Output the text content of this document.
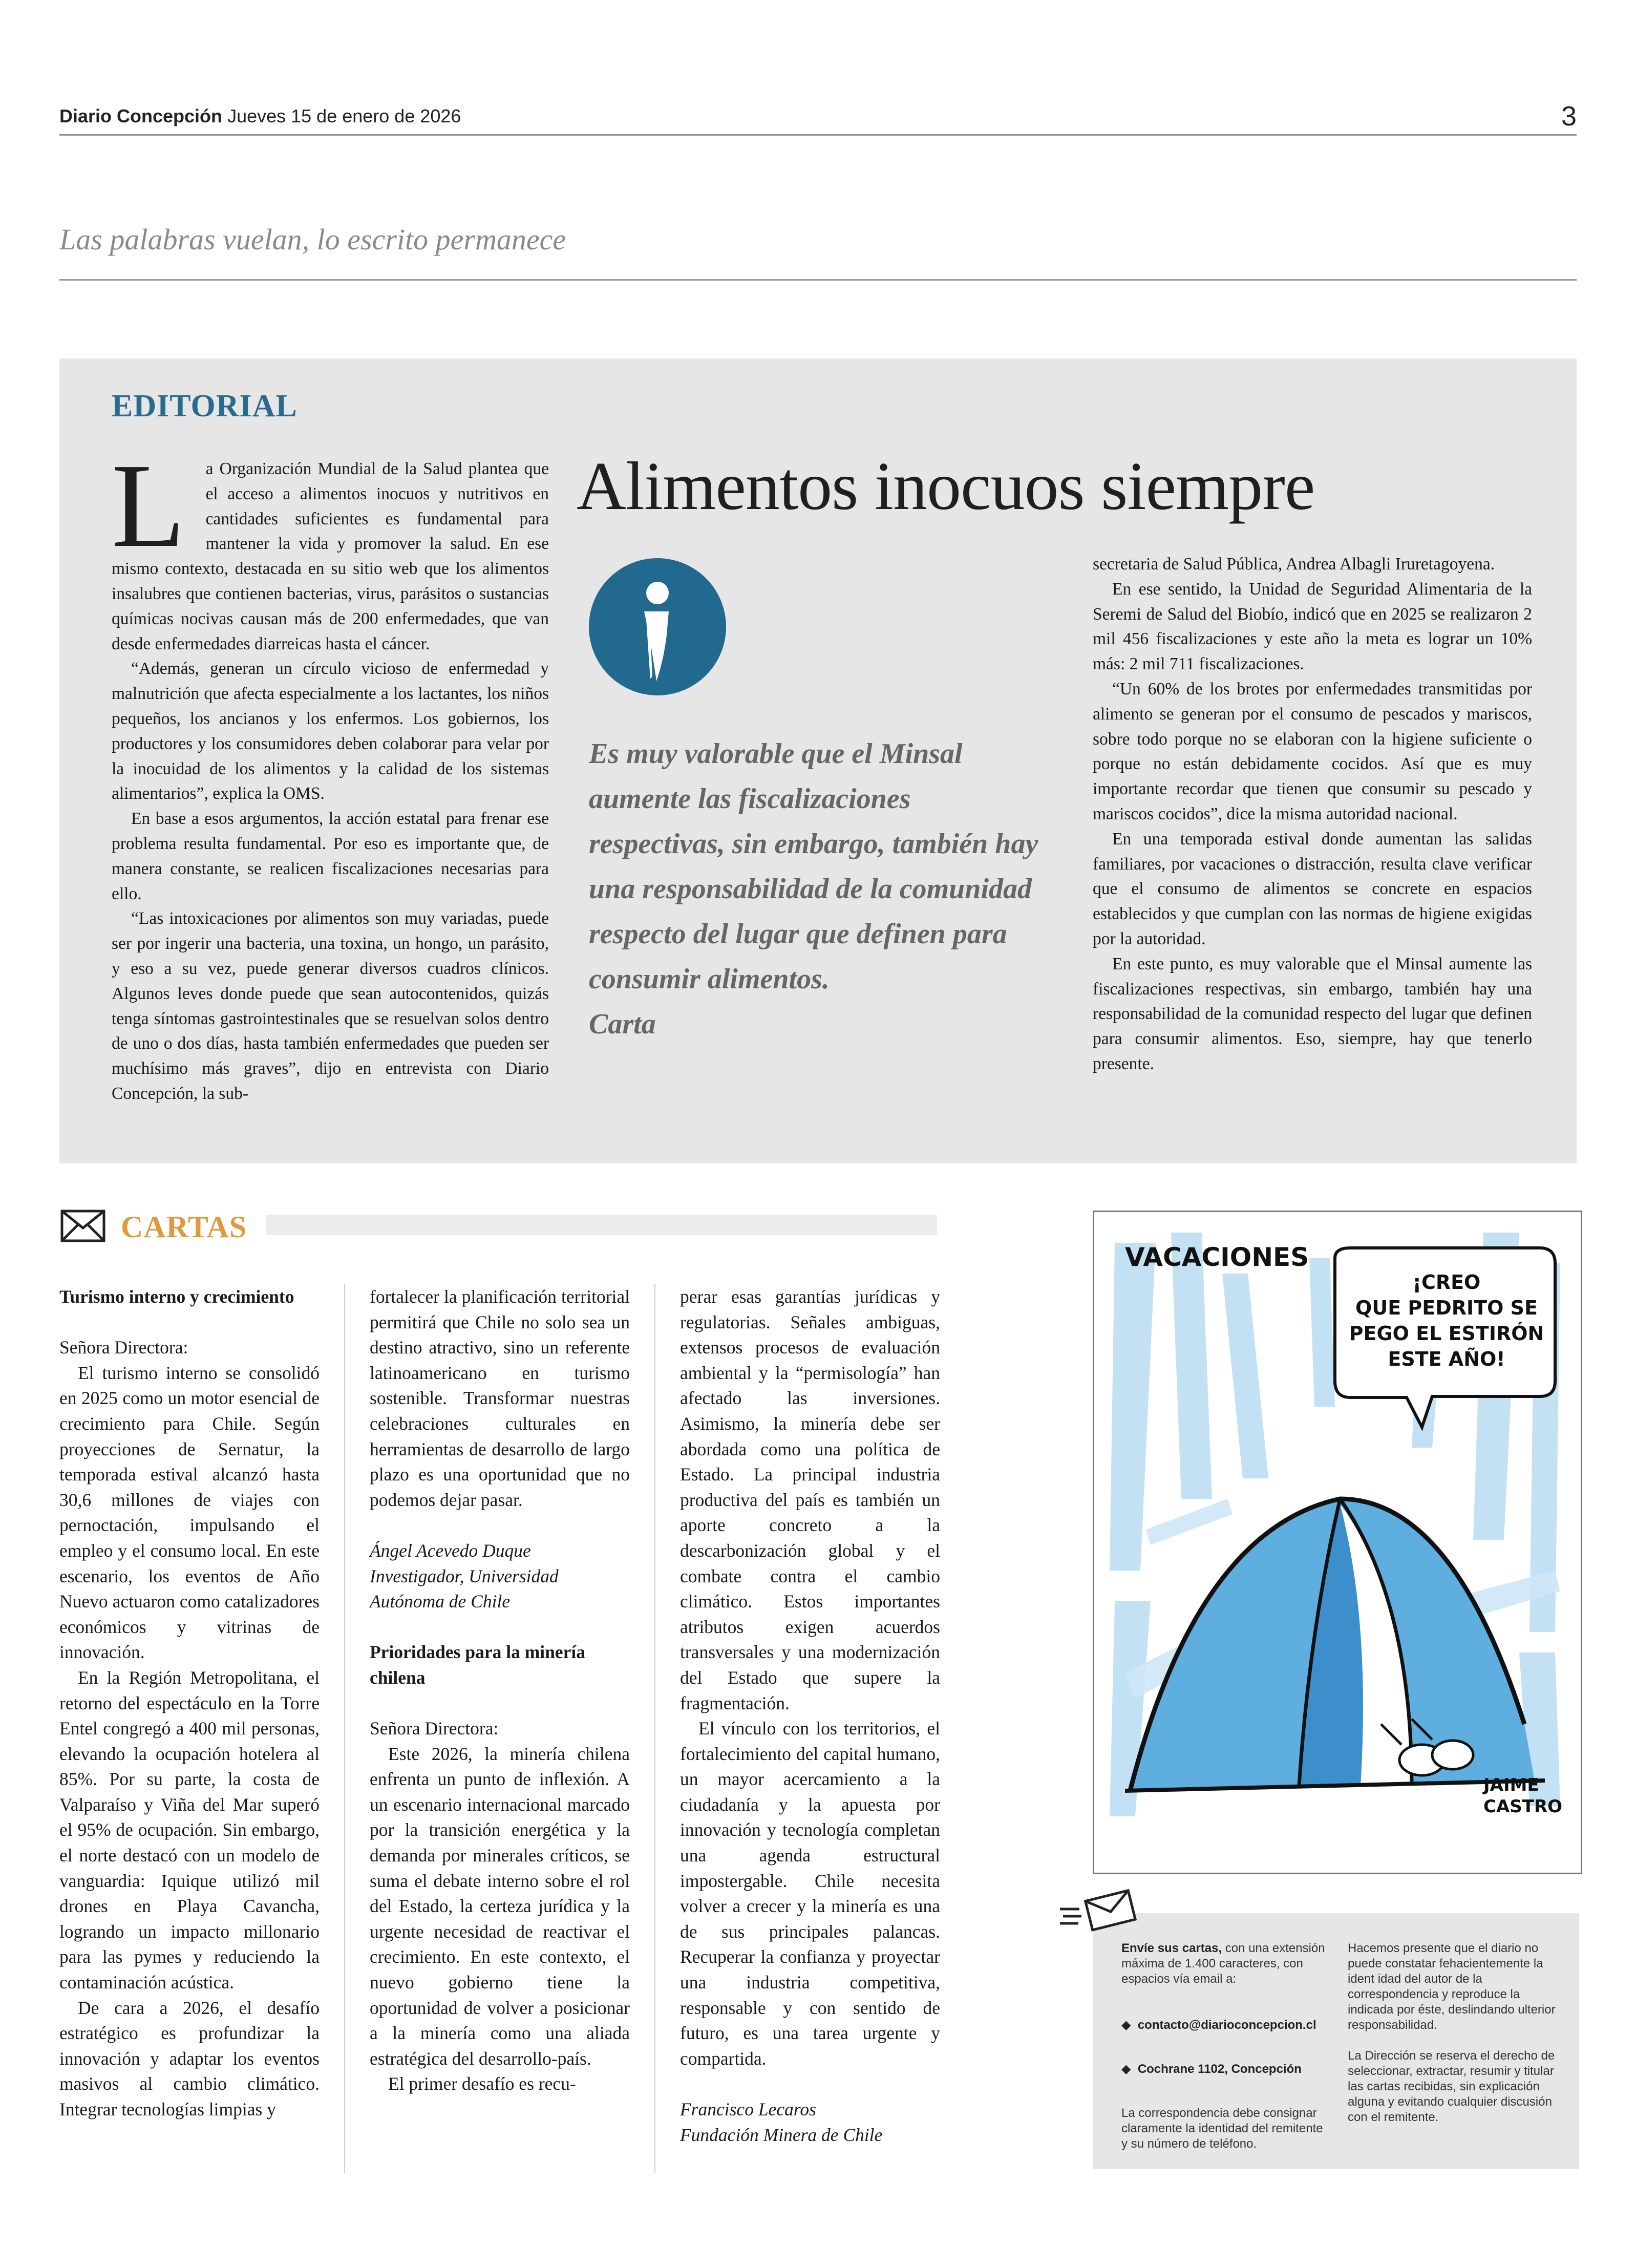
Diario Concepción Jueves 15 de enero de 2026	3
Las palabras vuelan, lo escrito permanece
EDITORIAL
Alimentos inocuos siempre

L a Organización Mundial de la Salud plantea que el acceso a alimentos inocuos y nutritivos en cantidades suficientes es fundamental para mantener la vida y promover la salud. En ese mismo contexto, destacada en su sitio web que los alimentos insalubres que contienen bacterias, virus, parásitos o sustancias químicas nocivas causan más de 200 enfermedades, que van desde enfermedades diarreicas hasta el cáncer.

“Además, generan un círculo vicioso de enfermedad y malnutrición que afecta especialmente a los lactantes, los niños pequeños, los ancianos y los enfermos. Los gobiernos, los productores y los consumidores deben colaborar para velar por la inocuidad de los alimentos y la calidad de los sistemas alimentarios”, explica la OMS.

En base a esos argumentos, la acción estatal para frenar ese problema resulta fundamental. Por eso es importante que, de manera constante, se realicen fiscalizaciones necesarias para ello.

“Las intoxicaciones por alimentos son muy variadas, puede ser por ingerir una bacteria, una toxina, un hongo, un parásito, y eso a su vez, puede generar diversos cuadros clínicos. Algunos leves donde puede que sean autocontenidos, quizás tenga síntomas gastrointestinales que se resuelvan solos dentro de uno o dos días, hasta también enfermedades que pueden ser muchísimo más graves”, dijo en entrevista con Diario Concepción, la sub-

Es muy valorable que el Minsal aumente las fiscalizaciones respectivas, sin embargo, también hay una responsabilidad de la comunidad respecto del lugar que definen para consumir alimentos.
Carta

secretaria de Salud Pública, Andrea Albagli Iruretagoyena.

En ese sentido, la Unidad de Seguridad Alimentaria de la Seremi de Salud del Biobío, indicó que en 2025 se realizaron 2 mil 456 fiscalizaciones y este año la meta es lograr un 10% más: 2 mil 711 fiscalizaciones.

“Un 60% de los brotes por enfermedades transmitidas por alimento se generan por el consumo de pescados y mariscos, sobre todo porque no se elaboran con la higiene suficiente o porque no están debidamente cocidos. Así que es muy importante recordar que tienen que consumir su pescado y mariscos cocidos”, dice la misma autoridad nacional.

En una temporada estival donde aumentan las salidas familiares, por vacaciones o distracción, resulta clave verificar que el consumo de alimentos se concrete en espacios establecidos y que cumplan con las normas de higiene exigidas por la autoridad.

En este punto, es muy valorable que el Minsal aumente las fiscalizaciones respectivas, sin embargo, también hay una responsabilidad de la comunidad respecto del lugar que definen para consumir alimentos. Eso, siempre, hay que tenerlo presente.

CARTAS

Turismo interno y crecimiento

Señora Directora:

El turismo interno se consolidó en 2025 como un motor esencial de crecimiento para Chile. Según proyecciones de Sernatur, la temporada estival alcanzó hasta 30,6 millones de viajes con pernoctación, impulsando el empleo y el consumo local. En este escenario, los eventos de Año Nuevo actuaron como catalizadores económicos y vitrinas de innovación.

En la Región Metropolitana, el retorno del espectáculo en la Torre Entel congregó a 400 mil personas, elevando la ocupación hotelera al 85%. Por su parte, la costa de Valparaíso y Viña del Mar superó el 95% de ocupación. Sin embargo, el norte destacó con un modelo de vanguardia: Iquique utilizó mil drones en Playa Cavancha, logrando un impacto millonario para las pymes y reduciendo la contaminación acústica.

De cara a 2026, el desafío estratégico es profundizar la innovación y adaptar los eventos masivos al cambio climático. Integrar tecnologías limpias y

fortalecer la planificación territorial permitirá que Chile no solo sea un destino atractivo, sino un referente latinoamericano en turismo sostenible. Transformar nuestras celebraciones culturales en herramientas de desarrollo de largo plazo es una oportunidad que no podemos dejar pasar.

Ángel Acevedo Duque

Investigador, Universidad Autónoma de Chile

Prioridades para la minería chilena

Señora Directora:

Este 2026, la minería chilena enfrenta un punto de inflexión. A un escenario internacional marcado por la transición energética y la demanda por minerales críticos, se suma el debate interno sobre el rol del Estado, la certeza jurídica y la urgente necesidad de reactivar el crecimiento. En este contexto, el nuevo gobierno tiene la oportunidad de volver a posicionar a la minería como una aliada estratégica del desarrollo-país.

El primer desafío es recu-

perar esas garantías jurídicas y regulatorias. Señales ambiguas, extensos procesos de evaluación ambiental y la “permisología” han afectado las inversiones. Asimismo, la minería debe ser abordada como una política de Estado. La principal industria productiva del país es también un aporte concreto a la descarbonización global y el combate contra el cambio climático. Estos importantes atributos exigen acuerdos transversales y una modernización del Estado que supere la fragmentación.

El vínculo con los territorios, el fortalecimiento del capital humano, un mayor acercamiento a la ciudadanía y la apuesta por innovación y tecnología completan una agenda estructural impostergable. Chile necesita volver a crecer y la minería es una de sus principales palancas. Recuperar la confianza y proyectar una industria competitiva, responsable y con sentido de futuro, es una tarea urgente y compartida.

Francisco Lecaros

Fundación Minera de Chile

VACACIONES
¡CREO
QUE PEDRITO SE
PEGO EL ESTIRÓN
ESTE AÑO!
JAIME
CASTRO
Envíe sus cartas, con una extensión máxima de 1.400 caracteres, con espacios vía email a:
◆ contacto@diarioconcepcion.cl
◆ Cochrane 1102, Concepción
La correspondencia debe consignar claramente la identidad del remitente y su número de teléfono.
Hacemos presente que el diario no puede constatar fehacientemente la ident idad del autor de la correspondencia y reproduce la indicada por éste, deslindando ulterior responsabilidad.
La Dirección se reserva el derecho de seleccionar, extractar, resumir y titular las cartas recibidas, sin explicación alguna y evitando cualquier discusión con el remitente.
